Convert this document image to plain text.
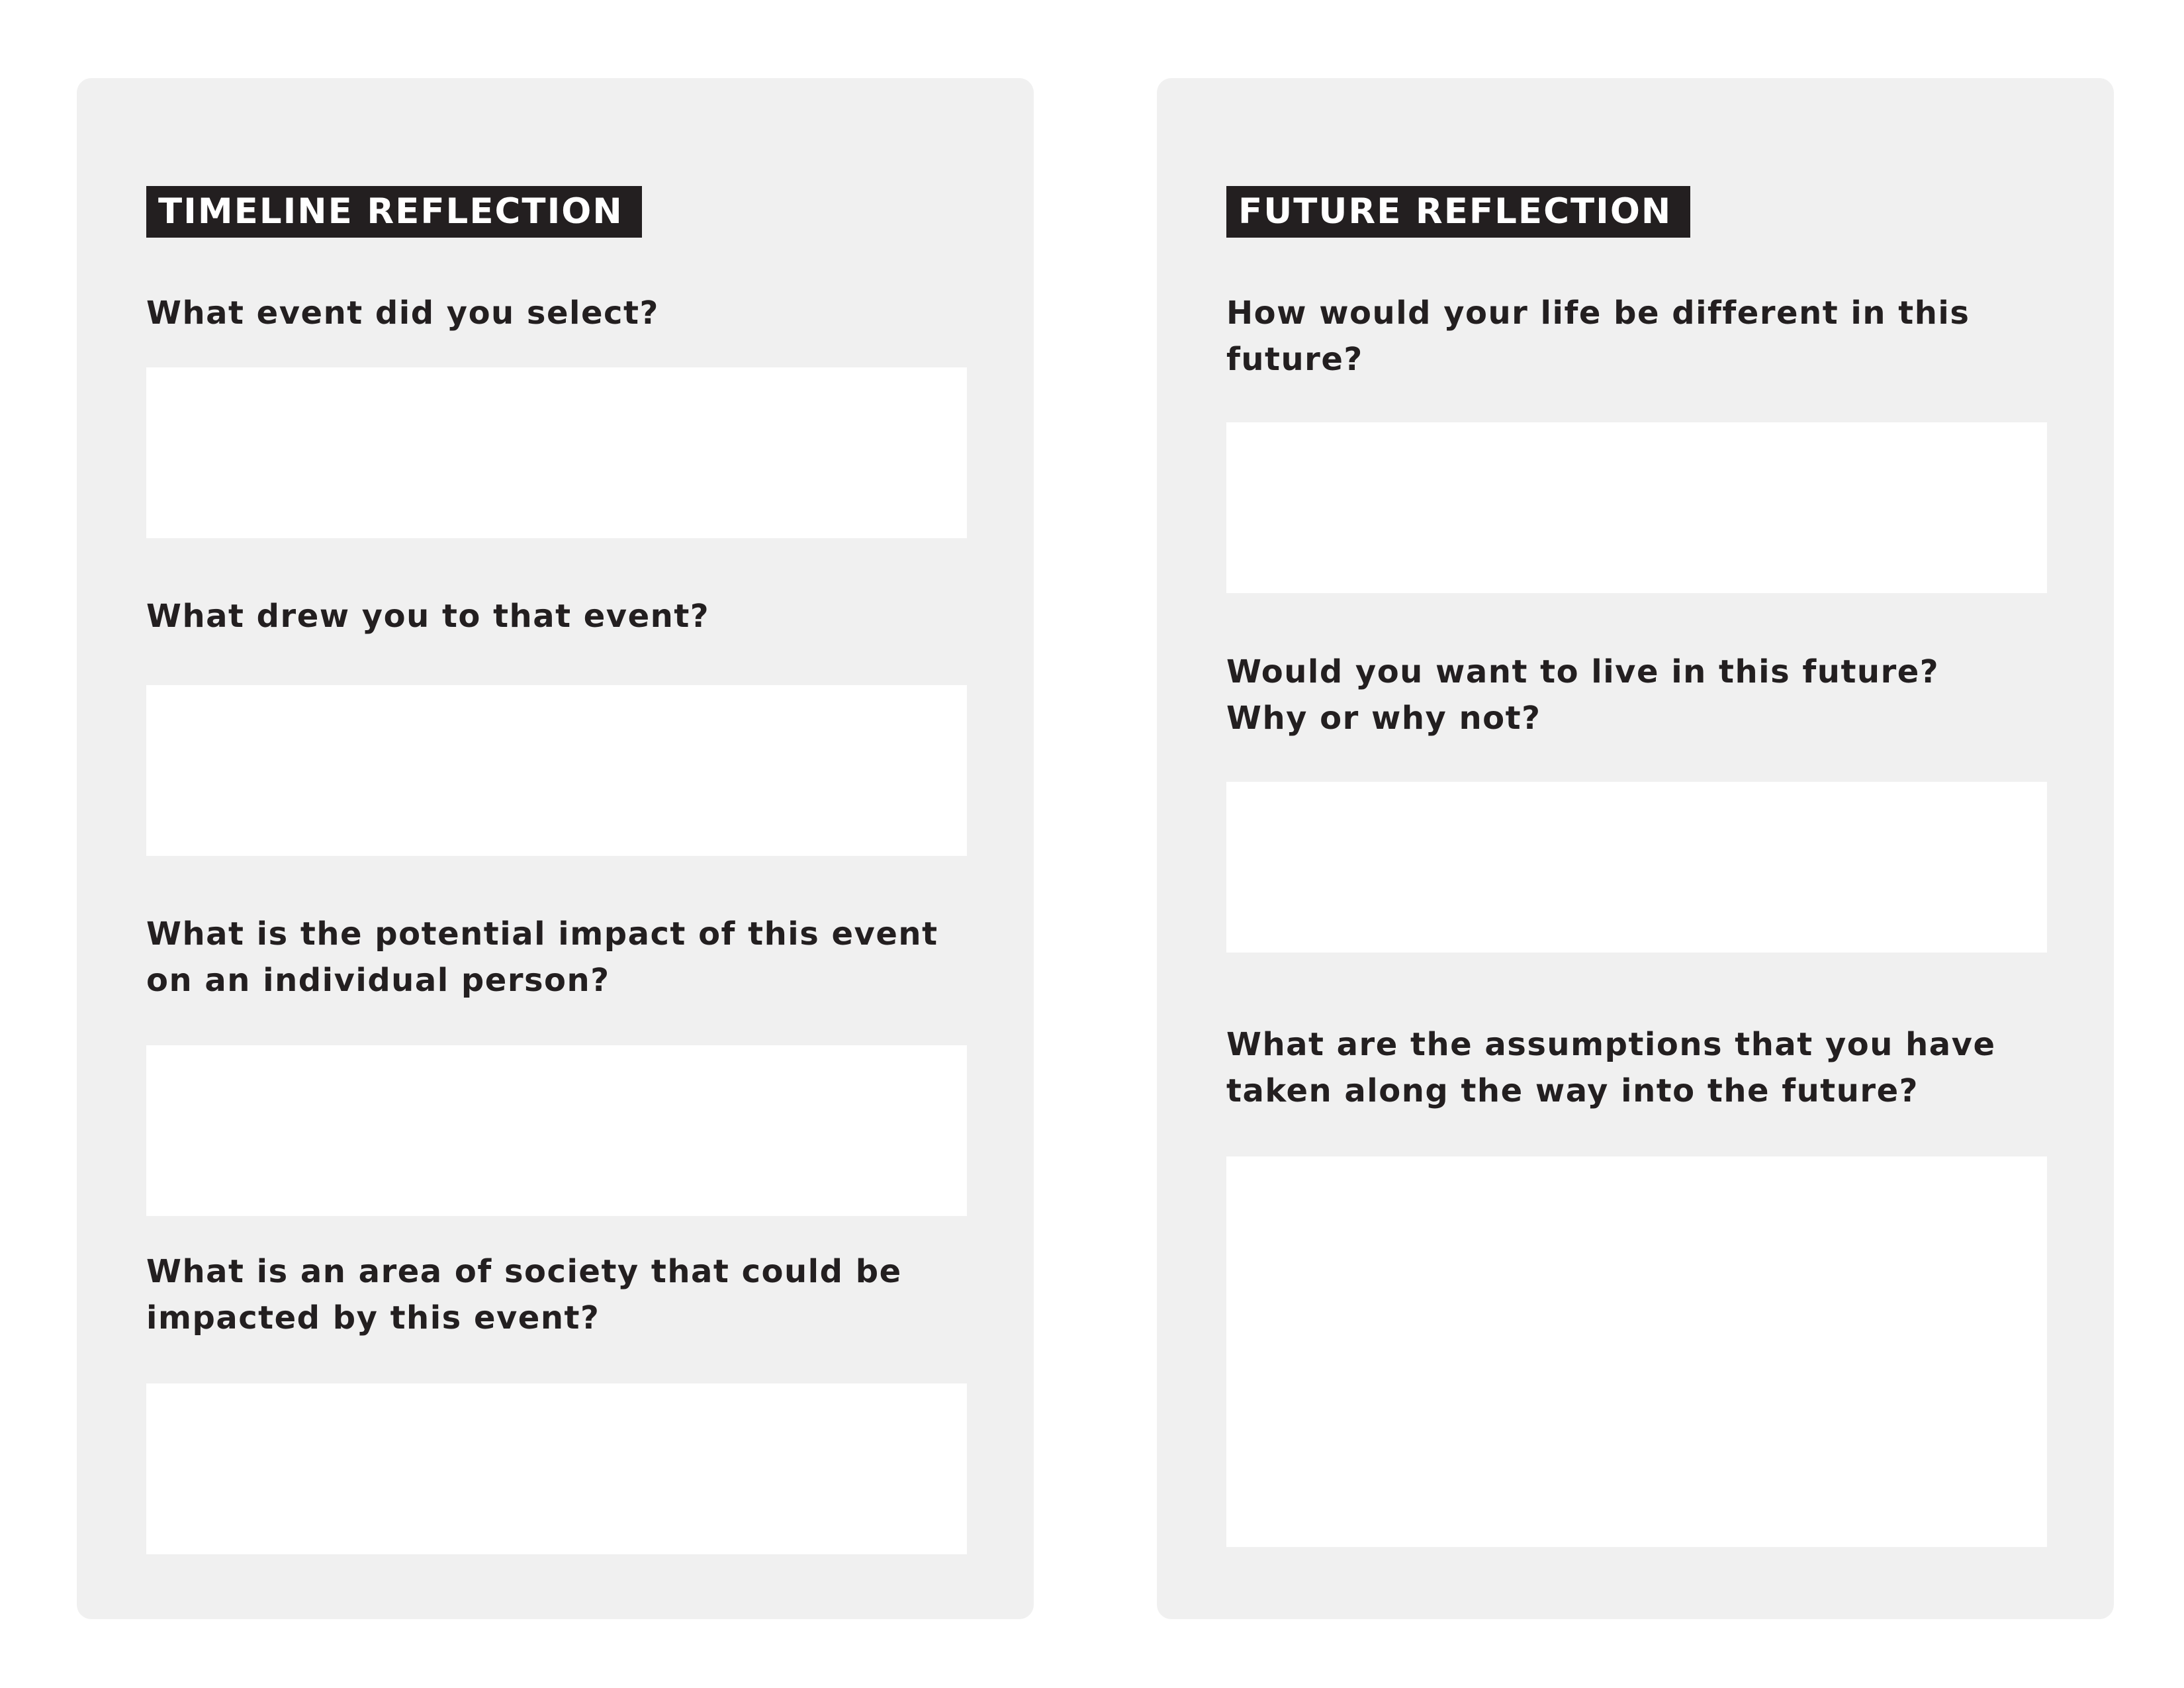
TIMELINE REFLECTION
What event did you select?
What drew you to that event?
What is the potential impact of this event on an individual person?
What is an area of society that could be impacted by this event?
FUTURE REFLECTION
How would your life be different in this future?
Would you want to live in this future? Why or why not?
What are the assumptions that you have taken along the way into the future?
